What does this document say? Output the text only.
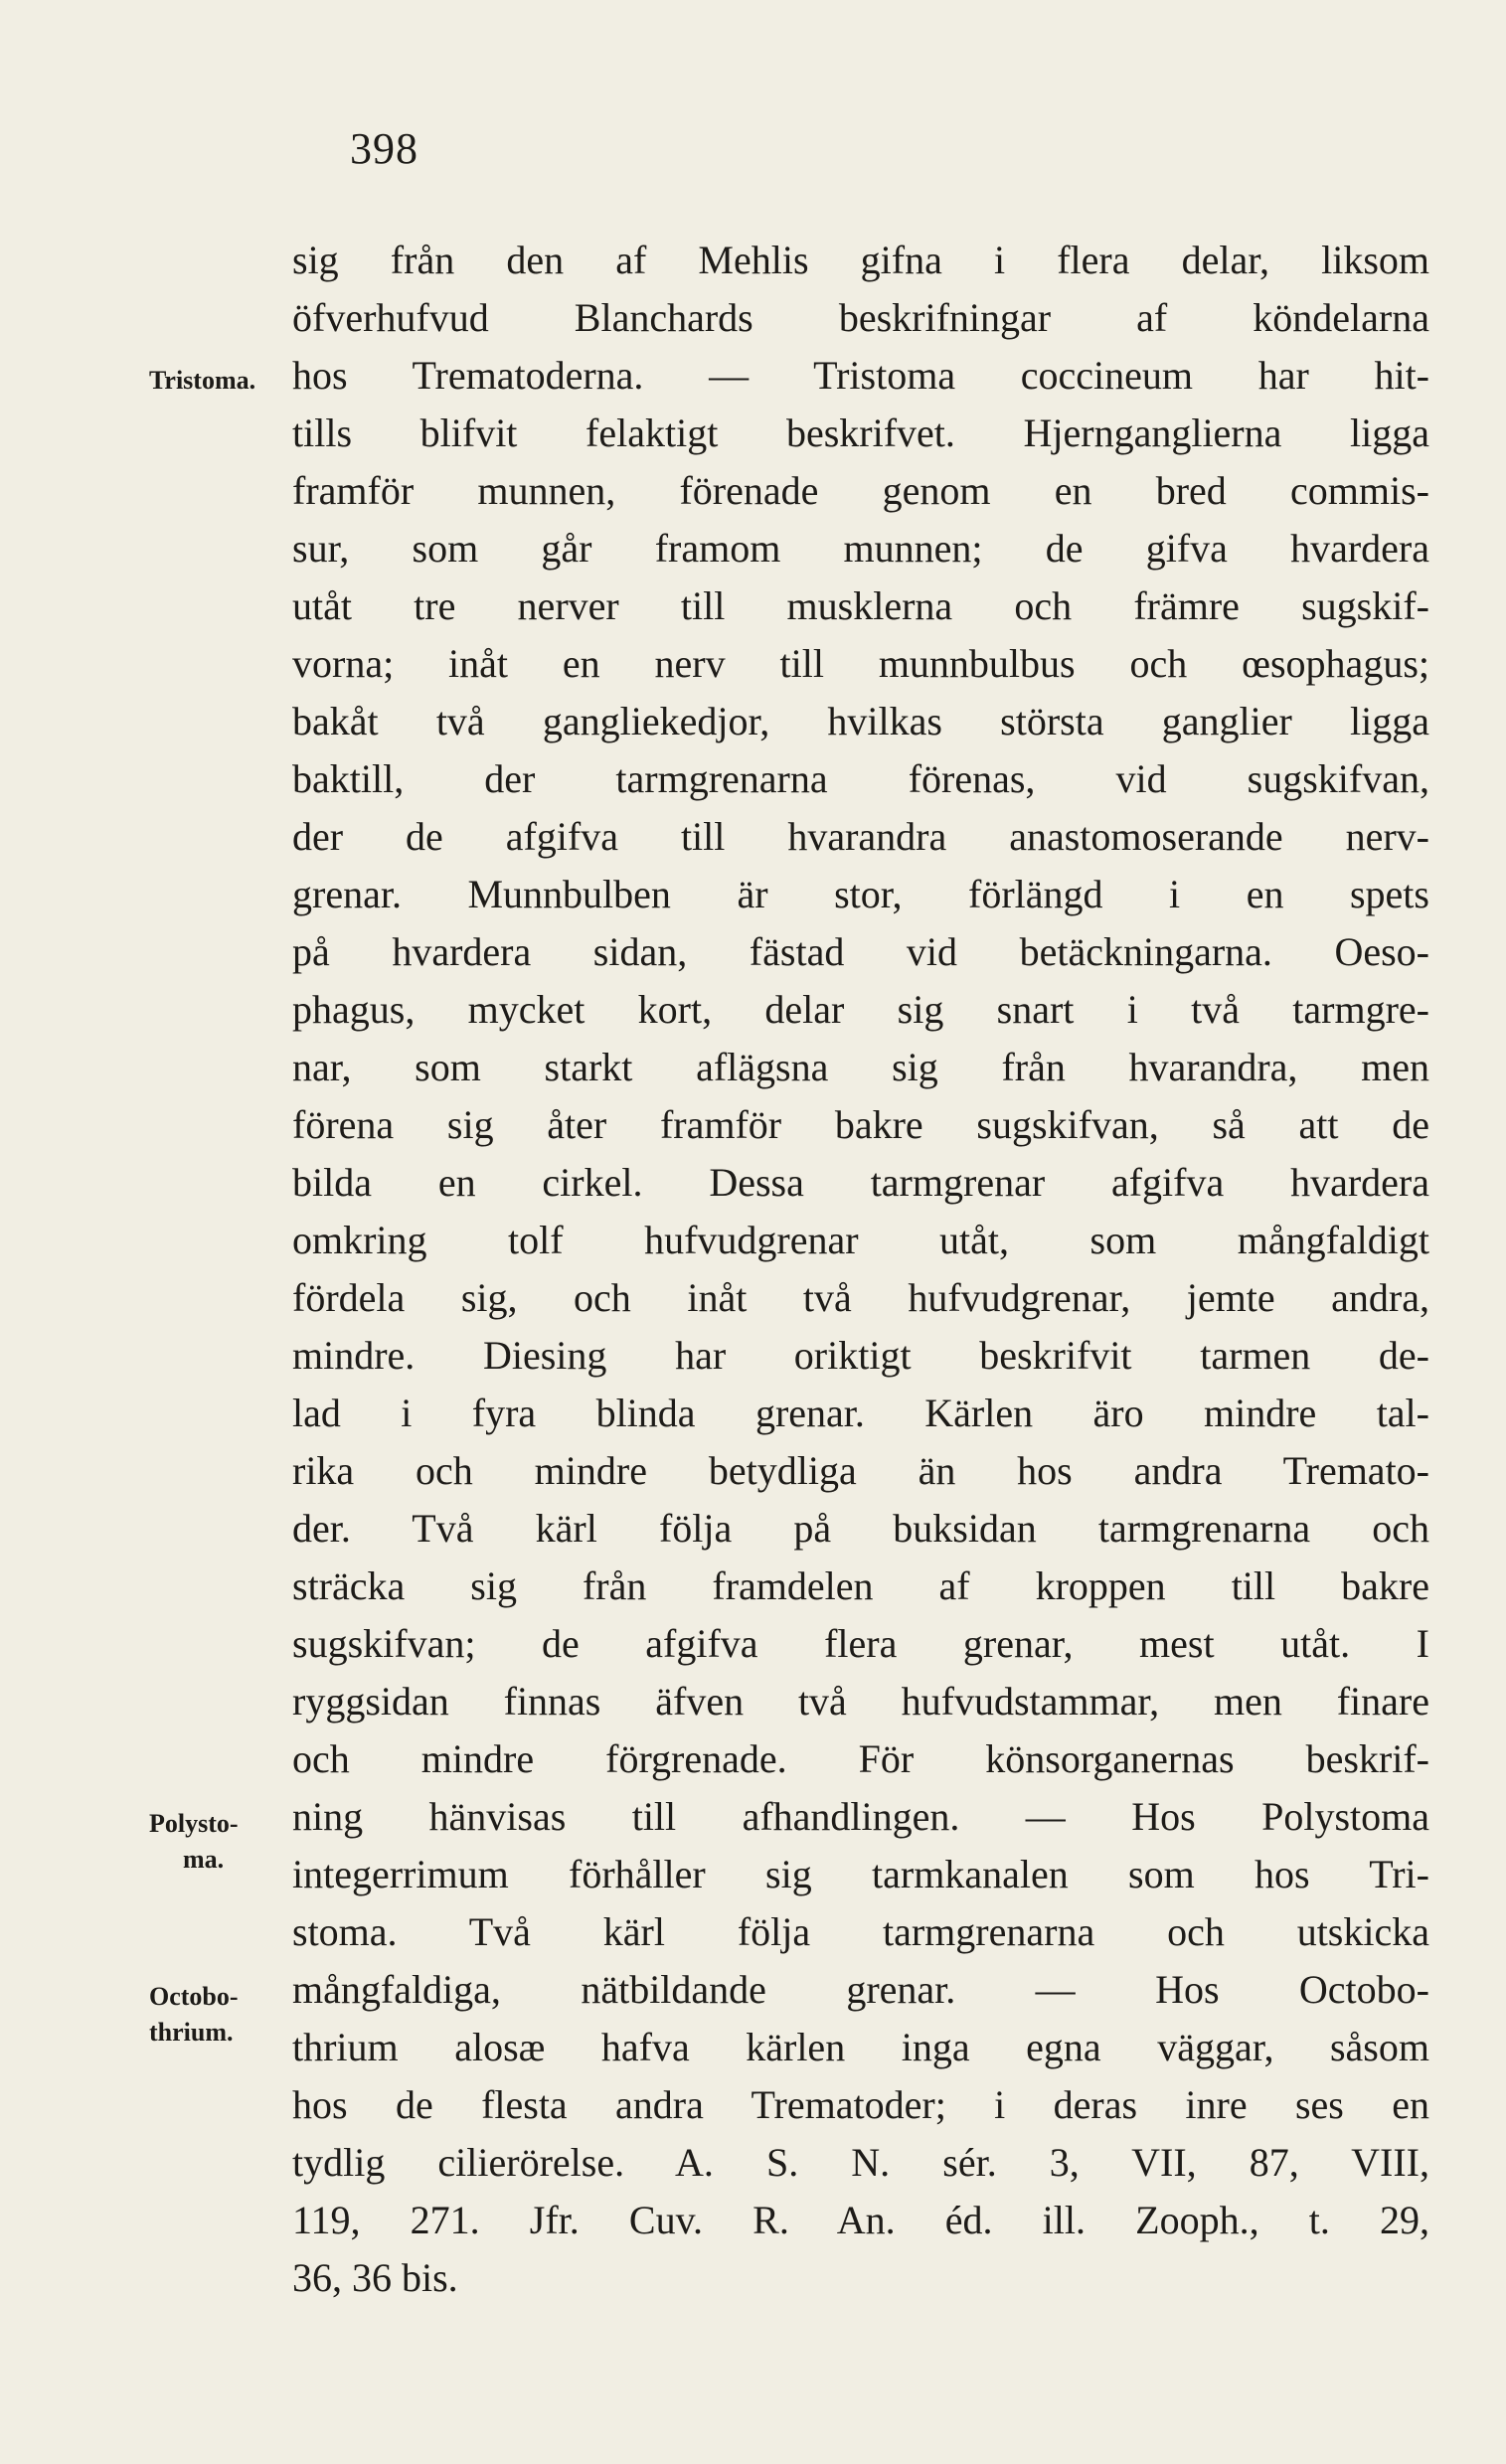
398
Tristoma.
Polysto-
ma.
Octobo-
thrium.
sig från den af Mehlis gifna i flera delar, liksom
öfverhufvud Blanchards beskrifningar af köndelarna
hos Trematoderna. — Tristoma coccineum har hit-
tills blifvit felaktigt beskrifvet. Hjernganglierna ligga
framför munnen, förenade genom en bred commis-
sur, som går framom munnen; de gifva hvardera
utåt tre nerver till musklerna och främre sugskif-
vorna; inåt en nerv till munnbulbus och œsophagus;
bakåt två gangliekedjor, hvilkas största ganglier ligga
baktill, der tarmgrenarna förenas, vid sugskifvan,
der de afgifva till hvarandra anastomoserande nerv-
grenar. Munnbulben är stor, förlängd i en spets
på hvardera sidan, fästad vid betäckningarna. Oeso-
phagus, mycket kort, delar sig snart i två tarmgre-
nar, som starkt aflägsna sig från hvarandra, men
förena sig åter framför bakre sugskifvan, så att de
bilda en cirkel. Dessa tarmgrenar afgifva hvardera
omkring tolf hufvudgrenar utåt, som mångfaldigt
fördela sig, och inåt två hufvudgrenar, jemte andra,
mindre. Diesing har oriktigt beskrifvit tarmen de-
lad i fyra blinda grenar. Kärlen äro mindre tal-
rika och mindre betydliga än hos andra Tremato-
der. Två kärl följa på buksidan tarmgrenarna och
sträcka sig från framdelen af kroppen till bakre
sugskifvan; de afgifva flera grenar, mest utåt. I
ryggsidan finnas äfven två hufvudstammar, men finare
och mindre förgrenade. För könsorganernas beskrif-
ning hänvisas till afhandlingen. — Hos Polystoma
integerrimum förhåller sig tarmkanalen som hos Tri-
stoma. Två kärl följa tarmgrenarna och utskicka
mångfaldiga, nätbildande grenar. — Hos Octobo-
thrium alosæ hafva kärlen inga egna väggar, såsom
hos de flesta andra Trematoder; i deras inre ses en
tydlig cilierörelse. A. S. N. sér. 3, VII, 87, VIII,
119, 271. Jfr. Cuv. R. An. éd. ill. Zooph., t. 29,
36, 36 bis.
